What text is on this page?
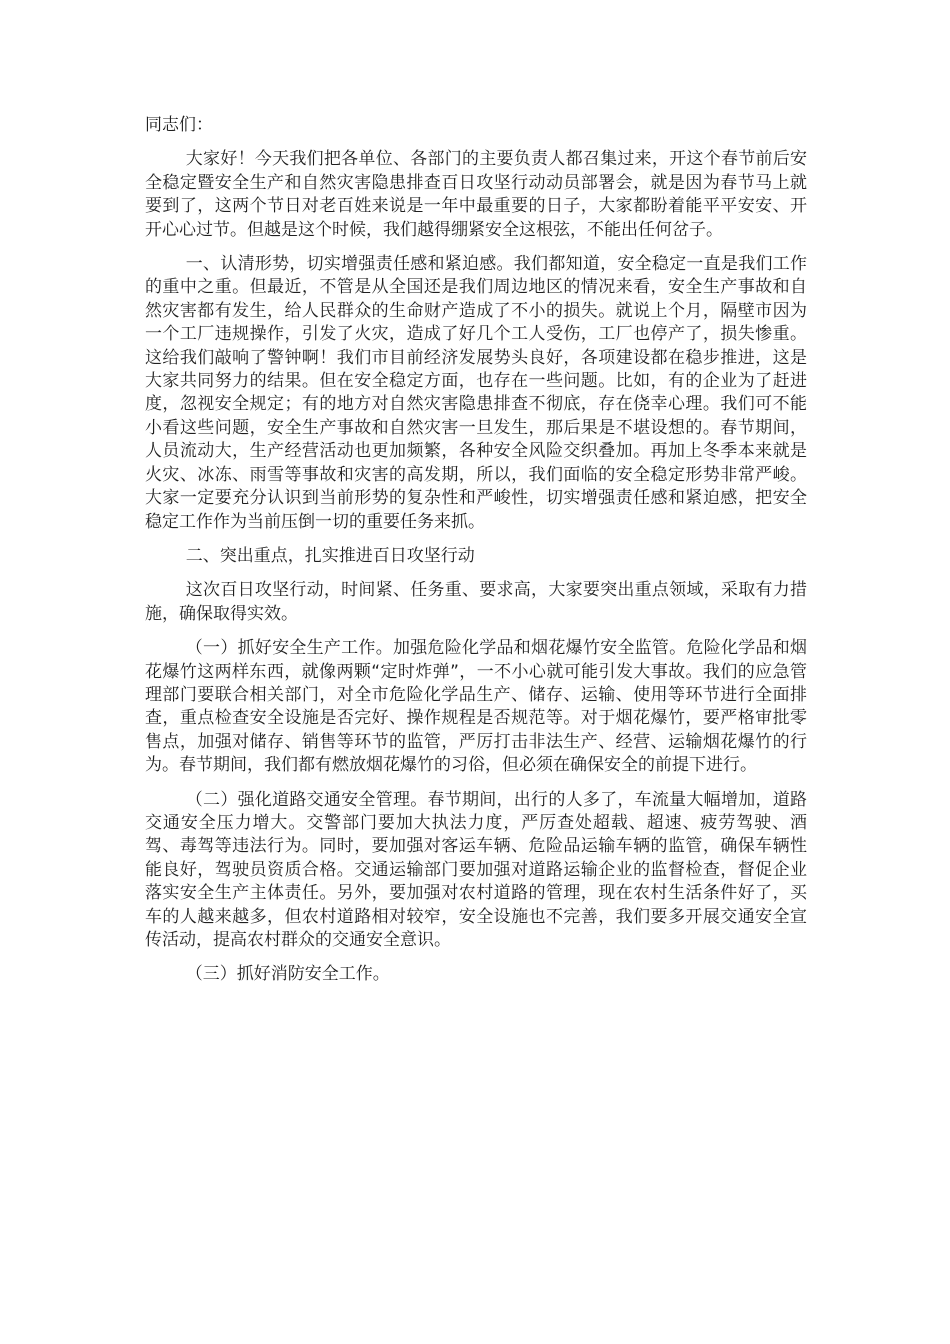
同志们：

大家好！今天我们把各单位、各部门的主要负责人都召集过来，开这个春节前后安全稳定暨安全生产和自然灾害隐患排查百日攻坚行动动员部署会，就是因为春节马上就要到了，这两个节日对老百姓来说是一年中最重要的日子，大家都盼着能平平安安、开开心心过节。但越是这个时候，我们越得绷紧安全这根弦，不能出任何岔子。

一、认清形势，切实增强责任感和紧迫感。我们都知道，安全稳定一直是我们工作的重中之重。但最近，不管是从全国还是我们周边地区的情况来看，安全生产事故和自然灾害都有发生，给人民群众的生命财产造成了不小的损失。就说上个月，隔壁市因为一个工厂违规操作，引发了火灾，造成了好几个工人受伤，工厂也停产了，损失惨重。这给我们敲响了警钟啊！我们市目前经济发展势头良好，各项建设都在稳步推进，这是大家共同努力的结果。但在安全稳定方面，也存在一些问题。比如，有的企业为了赶进度，忽视安全规定；有的地方对自然灾害隐患排查不彻底，存在侥幸心理。我们可不能小看这些问题，安全生产事故和自然灾害一旦发生，那后果是不堪设想的。春节期间，人员流动大，生产经营活动也更加频繁，各种安全风险交织叠加。再加上冬季本来就是火灾、冰冻、雨雪等事故和灾害的高发期，所以，我们面临的安全稳定形势非常严峻。大家一定要充分认识到当前形势的复杂性和严峻性，切实增强责任感和紧迫感，把安全稳定工作作为当前压倒一切的重要任务来抓。

二、突出重点，扎实推进百日攻坚行动

这次百日攻坚行动，时间紧、任务重、要求高，大家要突出重点领域，采取有力措施，确保取得实效。

（一）抓好安全生产工作。加强危险化学品和烟花爆竹安全监管。危险化学品和烟花爆竹这两样东西，就像两颗“定时炸弹”，一不小心就可能引发大事故。我们的应急管理部门要联合相关部门，对全市危险化学品生产、储存、运输、使用等环节进行全面排查，重点检查安全设施是否完好、操作规程是否规范等。对于烟花爆竹，要严格审批零售点，加强对储存、销售等环节的监管，严厉打击非法生产、经营、运输烟花爆竹的行为。春节期间，我们都有燃放烟花爆竹的习俗，但必须在确保安全的前提下进行。

（二）强化道路交通安全管理。春节期间，出行的人多了，车流量大幅增加，道路交通安全压力增大。交警部门要加大执法力度，严厉查处超载、超速、疲劳驾驶、酒驾、毒驾等违法行为。同时，要加强对客运车辆、危险品运输车辆的监管，确保车辆性能良好，驾驶员资质合格。交通运输部门要加强对道路运输企业的监督检查，督促企业落实安全生产主体责任。另外，要加强对农村道路的管理，现在农村生活条件好了，买车的人越来越多，但农村道路相对较窄，安全设施也不完善，我们要多开展交通安全宣传活动，提高农村群众的交通安全意识。

（三）抓好消防安全工作。
